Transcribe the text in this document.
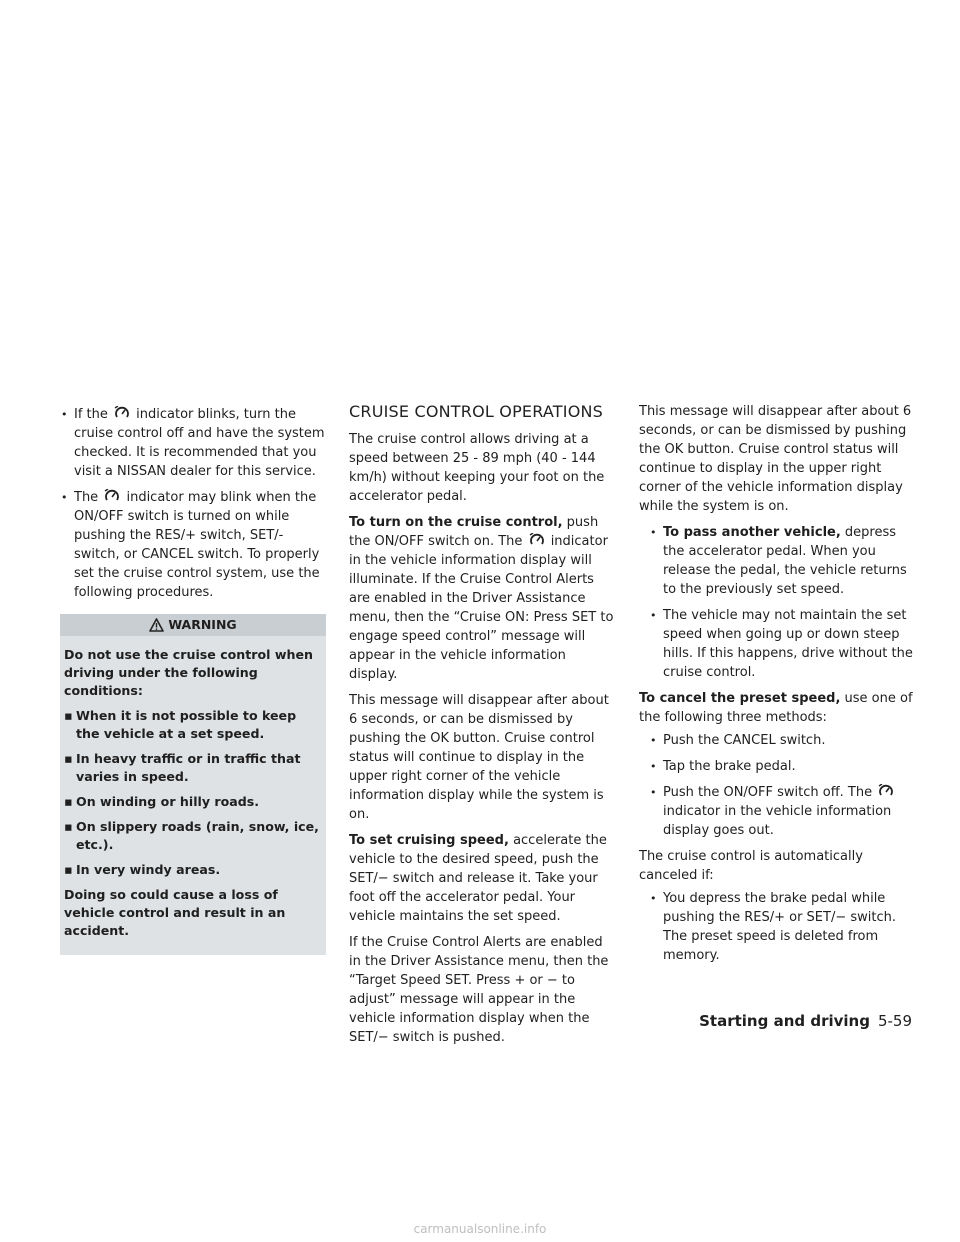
• If the indicator blinks, turn the cruise control off and have the system checked. It is recommended that you visit a NISSAN dealer for this service.
• The indicator may blink when the ON/OFF switch is turned on while pushing the RES/+ switch, SET/- switch, or CANCEL switch. To properly set the cruise control system, use the following procedures.
WARNING

Do not use the cruise control when driving under the following conditions:

▪ When it is not possible to keep the vehicle at a set speed.
▪ In heavy traffic or in traffic that varies in speed.
▪ On winding or hilly roads.
▪ On slippery roads (rain, snow, ice, etc.).
▪ In very windy areas.

Doing so could cause a loss of vehicle control and result in an accident.

CRUISE CONTROL OPERATIONS

The cruise control allows driving at a speed between 25 - 89 mph (40 - 144 km/h) without keeping your foot on the accelerator pedal.

To turn on the cruise control, push the ON/OFF switch on. The indicator in the vehicle information display will illuminate. If the Cruise Control Alerts are enabled in the Driver Assistance menu, then the “Cruise ON: Press SET to engage speed control” message will appear in the vehicle information display.

This message will disappear after about 6 seconds, or can be dismissed by pushing the OK button. Cruise control status will continue to display in the upper right corner of the vehicle information display while the system is on.

To set cruising speed, accelerate the vehicle to the desired speed, push the SET/− switch and release it. Take your foot off the accelerator pedal. Your vehicle maintains the set speed.

If the Cruise Control Alerts are enabled in the Driver Assistance menu, then the “Target Speed SET. Press + or − to adjust” message will appear in the vehicle information display when the SET/− switch is pushed.

This message will disappear after about 6 seconds, or can be dismissed by pushing the OK button. Cruise control status will continue to display in the upper right corner of the vehicle information display while the system is on.

• To pass another vehicle, depress the accelerator pedal. When you release the pedal, the vehicle returns to the previously set speed.
• The vehicle may not maintain the set speed when going up or down steep hills. If this happens, drive without the cruise control.

To cancel the preset speed, use one of the following three methods:

• Push the CANCEL switch.
• Tap the brake pedal.
• Push the ON/OFF switch off. The  indicator in the vehicle information display goes out.

The cruise control is automatically canceled if:

• You depress the brake pedal while pushing the RES/+ or SET/− switch. The preset speed is deleted from memory.
Starting and driving 5-59
carmanualsonline.info
